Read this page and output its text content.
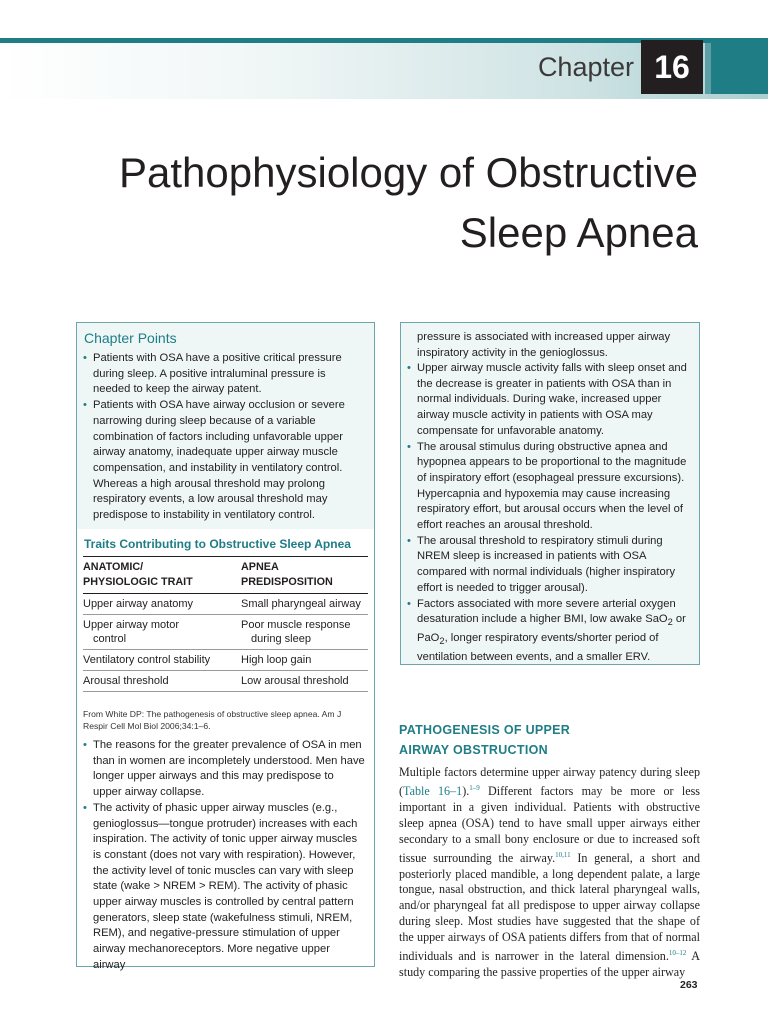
Chapter 16
Pathophysiology of Obstructive
Sleep Apnea
Chapter Points
• Patients with OSA have a positive critical pressure during sleep. A positive intraluminal pressure is needed to keep the airway patent.
• Patients with OSA have airway occlusion or severe narrowing during sleep because of a variable combination of factors including unfavorable upper airway anatomy, inadequate upper airway muscle compensation, and instability in ventilatory control. Whereas a high arousal threshold may prolong respiratory events, a low arousal threshold may predispose to instability in ventilatory control.
Traits Contributing to Obstructive Sleep Apnea
ANATOMIC/
PHYSIOLOGIC TRAIT	APNEA PREDISPOSITION
Upper airway anatomy	Small pharyngeal airway
Upper airway motor
control	Poor muscle response
during sleep

Ventilatory control stability	High loop gain
Arousal threshold	Low arousal threshold
From White DP: The pathogenesis of obstructive sleep apnea. Am J Respir Cell Mol Biol 2006;34:1–6.
• The reasons for the greater prevalence of OSA in men than in women are incompletely understood. Men have longer upper airways and this may predispose to upper airway collapse.
• The activity of phasic upper airway muscles (e.g., genioglossus—tongue protruder) increases with each inspiration. The activity of tonic upper airway muscles is constant (does not vary with respiration). However, the activity level of tonic muscles can vary with sleep state (wake > NREM > REM). The activity of phasic upper airway muscles is controlled by central pattern generators, sleep state (wakefulness stimuli, NREM, REM), and negative-pressure stimulation of upper airway mechanoreceptors. More negative upper airway
pressure is associated with increased upper airway inspiratory activity in the genioglossus.
• Upper airway muscle activity falls with sleep onset and the decrease is greater in patients with OSA than in normal individuals. During wake, increased upper airway muscle activity in patients with OSA may compensate for unfavorable anatomy.
• The arousal stimulus during obstructive apnea and hypopnea appears to be proportional to the magnitude of inspiratory effort (esophageal pressure excursions). Hypercapnia and hypoxemia may cause increasing respiratory effort, but arousal occurs when the level of effort reaches an arousal threshold.
• The arousal threshold to respiratory stimuli during NREM sleep is increased in patients with OSA compared with normal individuals (higher inspiratory effort is needed to trigger arousal).
• Factors associated with more severe arterial oxygen desaturation include a higher BMI, low awake SaO$_2$ or PaO$_2$, longer respiratory events/shorter period of ventilation between events, and a smaller ERV.
PATHOGENESIS OF UPPER
AIRWAY OBSTRUCTION

Multiple factors determine upper airway patency during sleep (Table 16–1).$^{1-9}$ Different factors may be more or less important in a given individual. Patients with obstructive sleep apnea (OSA) tend to have small upper airways either secondary to a small bony enclosure or due to increased soft tissue surrounding the airway.$^{10,11}$ In general, a short and posteriorly placed mandible, a long dependent palate, a large tongue, nasal obstruction, and thick lateral pharyngeal walls, and/or pharyngeal fat all predispose to upper airway collapse during sleep. Most studies have suggested that the shape of the upper airways of OSA patients differs from that of normal individuals and is narrower in the lateral dimension.$^{10-12}$ A study comparing the passive properties of the upper airway

263
